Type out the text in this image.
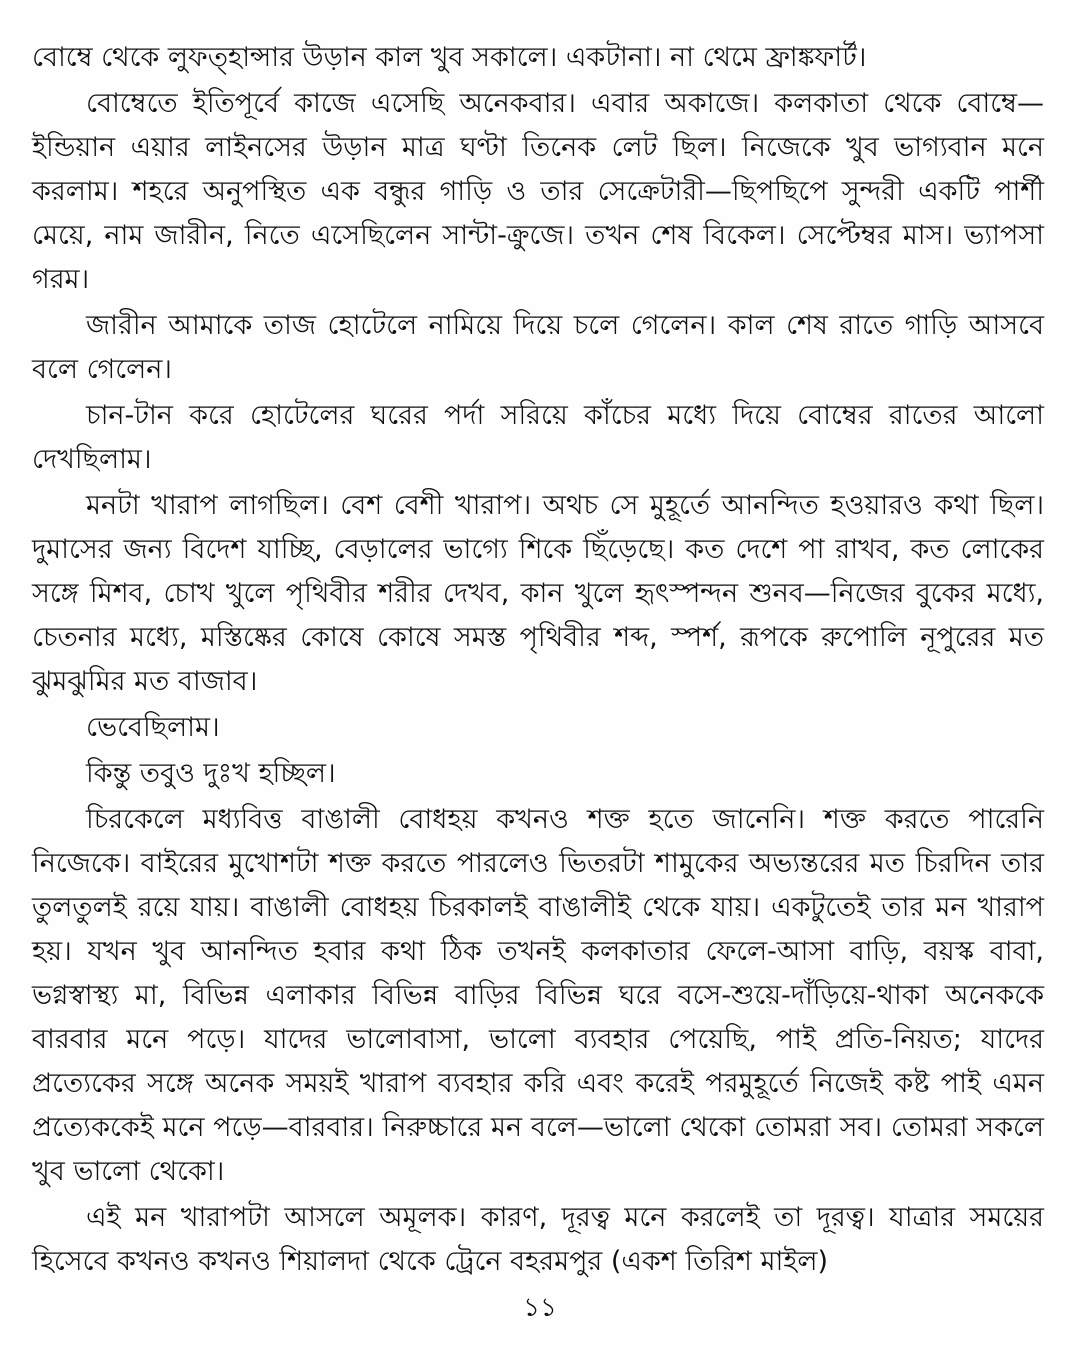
বোম্বে থেকে লুফত্হান্সার উড়ান কাল খুব সকালে। একটানা। না থেমে ফ্রাঙ্কফার্ট।

বোম্বেতে ইতিপূর্বে কাজে এসেছি অনেকবার। এবার অকাজে। কলকাতা থেকে বোম্বে—ইন্ডিয়ান এয়ার লাইনসের উড়ান মাত্র ঘণ্টা তিনেক লেট ছিল। নিজেকে খুব ভাগ্যবান মনে করলাম। শহরে অনুপস্থিত এক বন্ধুর গাড়ি ও তার সেক্রেটারী—ছিপছিপে সুন্দরী একটি পার্শী মেয়ে, নাম জারীন, নিতে এসেছিলেন সান্টা-ক্রুজে। তখন শেষ বিকেল। সেপ্টেম্বর মাস। ভ্যাপসা গরম।

জারীন আমাকে তাজ হোটেলে নামিয়ে দিয়ে চলে গেলেন। কাল শেষ রাতে গাড়ি আসবে বলে গেলেন।

চান-টান করে হোটেলের ঘরের পর্দা সরিয়ে কাঁচের মধ্যে দিয়ে বোম্বের রাতের আলো দেখছিলাম।

মনটা খারাপ লাগছিল। বেশ বেশী খারাপ। অথচ সে মুহূর্তে আনন্দিত হওয়ারও কথা ছিল। দুমাসের জন্য বিদেশ যাচ্ছি, বেড়ালের ভাগ্যে শিকে ছিঁড়েছে। কত দেশে পা রাখব, কত লোকের সঙ্গে মিশব, চোখ খুলে পৃথিবীর শরীর দেখব, কান খুলে হৃৎস্পন্দন শুনব—নিজের বুকের মধ্যে, চেতনার মধ্যে, মস্তিষ্কের কোষে কোষে সমস্ত পৃথিবীর শব্দ, স্পর্শ, রূপকে রুপোলি নূপুরের মত ঝুমঝুমির মত বাজাব।

ভেবেছিলাম।

কিন্তু তবুও দুঃখ হচ্ছিল।

চিরকেলে মধ্যবিত্ত বাঙালী বোধহয় কখনও শক্ত হতে জানেনি। শক্ত করতে পারেনি নিজেকে। বাইরের মুখোশটা শক্ত করতে পারলেও ভিতরটা শামুকের অভ্যন্তরের মত চিরদিন তার তুলতুলই রয়ে যায়। বাঙালী বোধহয় চিরকালই বাঙালীই থেকে যায়। একটুতেই তার মন খারাপ হয়। যখন খুব আনন্দিত হবার কথা ঠিক তখনই কলকাতার ফেলে-আসা বাড়ি, বয়স্ক বাবা, ভগ্নস্বাস্থ্য মা, বিভিন্ন এলাকার বিভিন্ন বাড়ির বিভিন্ন ঘরে বসে-শুয়ে-দাঁড়িয়ে-থাকা অনেককে বারবার মনে পড়ে। যাদের ভালোবাসা, ভালো ব্যবহার পেয়েছি, পাই প্রতি-নিয়ত; যাদের প্রত্যেকের সঙ্গে অনেক সময়ই খারাপ ব্যবহার করি এবং করেই পরমুহূর্তে নিজেই কষ্ট পাই এমন প্রত্যেককেই মনে পড়ে—বারবার। নিরুচ্চারে মন বলে—ভালো থেকো তোমরা সব। তোমরা সকলে খুব ভালো থেকো।

এই মন খারাপটা আসলে অমূলক। কারণ, দূরত্ব মনে করলেই তা দূরত্ব। যাত্রার সময়ের হিসেবে কখনও কখনও শিয়ালদা থেকে ট্রেনে বহরমপুর (একশ তিরিশ মাইল)

১১
